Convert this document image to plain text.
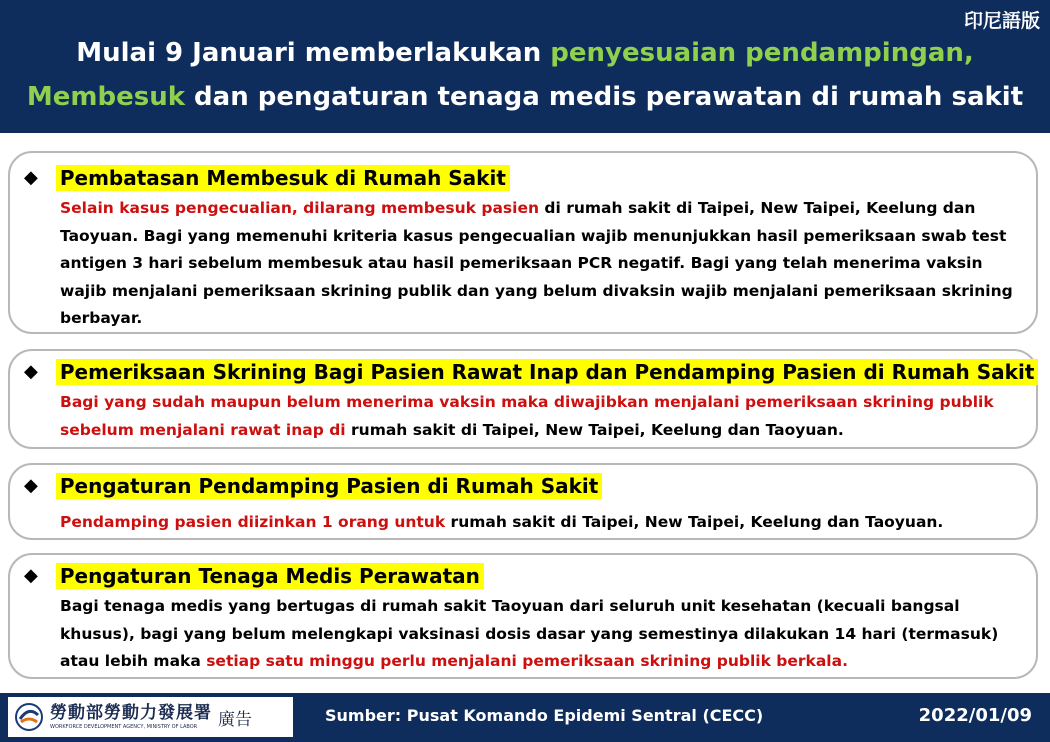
印尼語版
Mulai 9 Januari memberlakukan penyesuaian pendampingan,
Membesuk dan pengaturan tenaga medis perawatan di rumah sakit
◆ Pembatasan Membesuk di Rumah Sakit
Selain kasus pengecualian, dilarang membesuk pasien di rumah sakit di Taipei, New Taipei, Keelung dan Taoyuan. Bagi yang memenuhi kriteria kasus pengecualian wajib menunjukkan hasil pemeriksaan swab test antigen 3 hari sebelum membesuk atau hasil pemeriksaan PCR negatif. Bagi yang telah menerima vaksin wajib menjalani pemeriksaan skrining publik dan yang belum divaksin wajib menjalani pemeriksaan skrining berbayar.
◆ Pemeriksaan Skrining Bagi Pasien Rawat Inap dan Pendamping Pasien di Rumah Sakit
Bagi yang sudah maupun belum menerima vaksin maka diwajibkan menjalani pemeriksaan skrining publik sebelum menjalani rawat inap di rumah sakit di Taipei, New Taipei, Keelung dan Taoyuan.
◆ Pengaturan Pendamping Pasien di Rumah Sakit
Pendamping pasien diizinkan 1 orang untuk rumah sakit di Taipei, New Taipei, Keelung dan Taoyuan.
◆ Pengaturan Tenaga Medis Perawatan
Bagi tenaga medis yang bertugas di rumah sakit Taoyuan dari seluruh unit kesehatan (kecuali bangsal khusus), bagi yang belum melengkapi vaksinasi dosis dasar yang semestinya dilakukan 14 hari (termasuk) atau lebih maka setiap satu minggu perlu menjalani pemeriksaan skrining publik berkala.
勞動部勞動力發展署
WORKFORCE DEVELOPMENT AGENCY, MINISTRY OF LABOR	廣告	Sumber: Pusat Komando Epidemi Sentral (CECC)	2022/01/09
